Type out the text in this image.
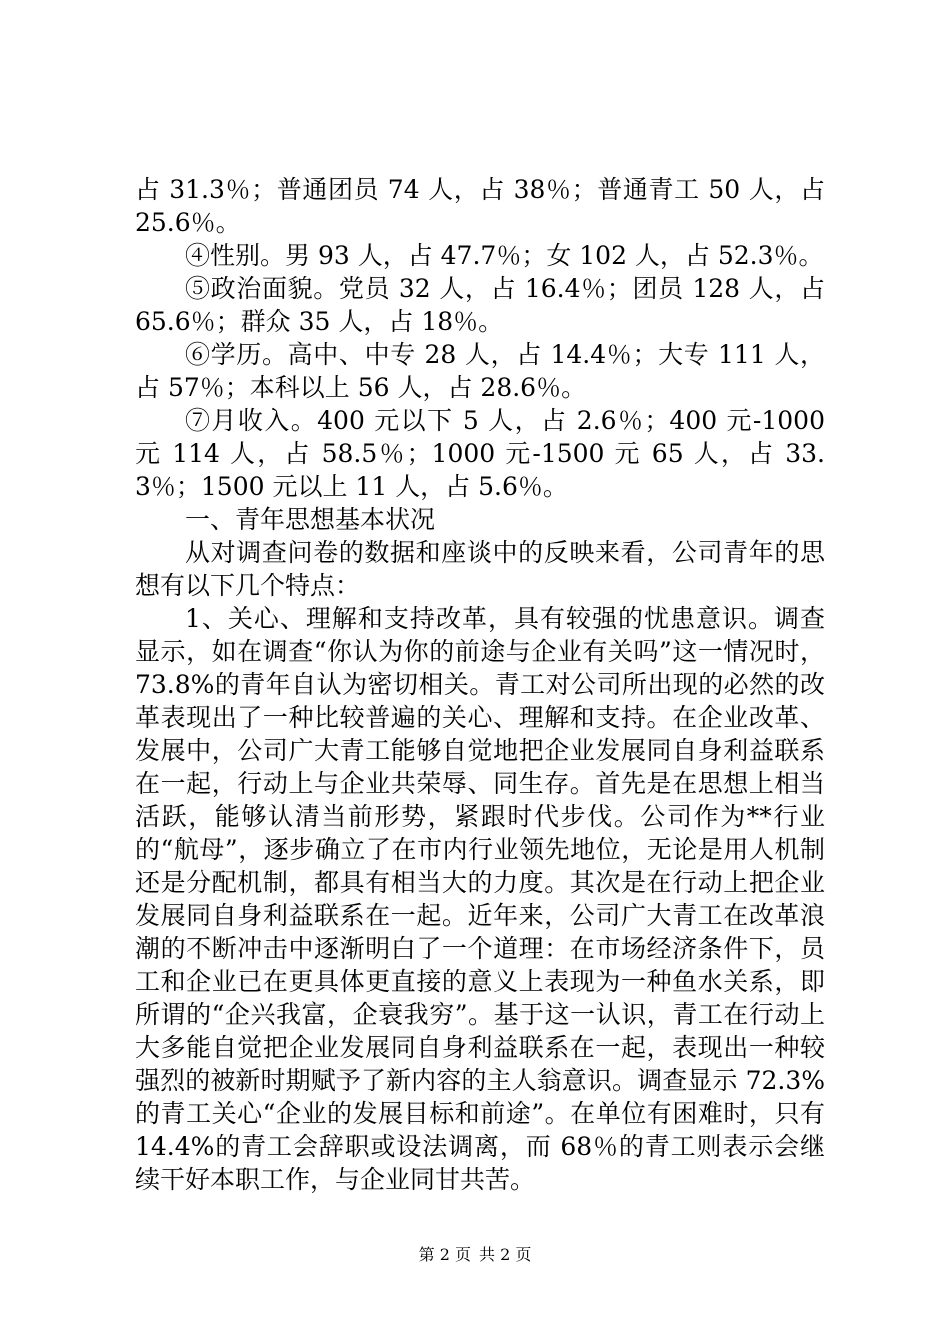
占 31.3％；普通团员 74 人，占 38％；普通青工 50 人，占 25.6％。

④性别。男 93 人，占 47.7％；女 102 人，占 52.3％。

⑤政治面貌。党员 32 人，占 16.4％；团员 128 人，占 65.6％；群众 35 人，占 18％。

⑥学历。高中、中专 28 人，占 14.4％；大专 111 人，占 57％；本科以上 56 人，占 28.6％。

⑦月收入。400 元以下 5 人，占 2.6％；400 元-1000 元 114 人，占 58.5％；1000 元-1500 元 65 人，占 33.3％；1500 元以上 11 人，占 5.6％。

一、青年思想基本状况

从对调查问卷的数据和座谈中的反映来看，公司青年的思想有以下几个特点：

1、关心、理解和支持改革，具有较强的忧患意识。调查显示，如在调查“你认为你的前途与企业有关吗”这一情况时，73.8%的青年自认为密切相关。青工对公司所出现的必然的改革表现出了一种比较普遍的关心、理解和支持。在企业改革、发展中，公司广大青工能够自觉地把企业发展同自身利益联系在一起，行动上与企业共荣辱、同生存。首先是在思想上相当活跃，能够认清当前形势，紧跟时代步伐。公司作为**行业的“航母”，逐步确立了在市内行业领先地位，无论是用人机制还是分配机制，都具有相当大的力度。其次是在行动上把企业发展同自身利益联系在一起。近年来，公司广大青工在改革浪潮的不断冲击中逐渐明白了一个道理：在市场经济条件下，员工和企业已在更具体更直接的意义上表现为一种鱼水关系，即所谓的“企兴我富，企衰我穷”。基于这一认识，青工在行动上大多能自觉把企业发展同自身利益联系在一起，表现出一种较强烈的被新时期赋予了新内容的主人翁意识。调查显示 72.3%的青工关心“企业的发展目标和前途”。在单位有困难时，只有 14.4%的青工会辞职或设法调离，而 68％的青工则表示会继续干好本职工作，与企业同甘共苦。

第 2 页 共 2 页
